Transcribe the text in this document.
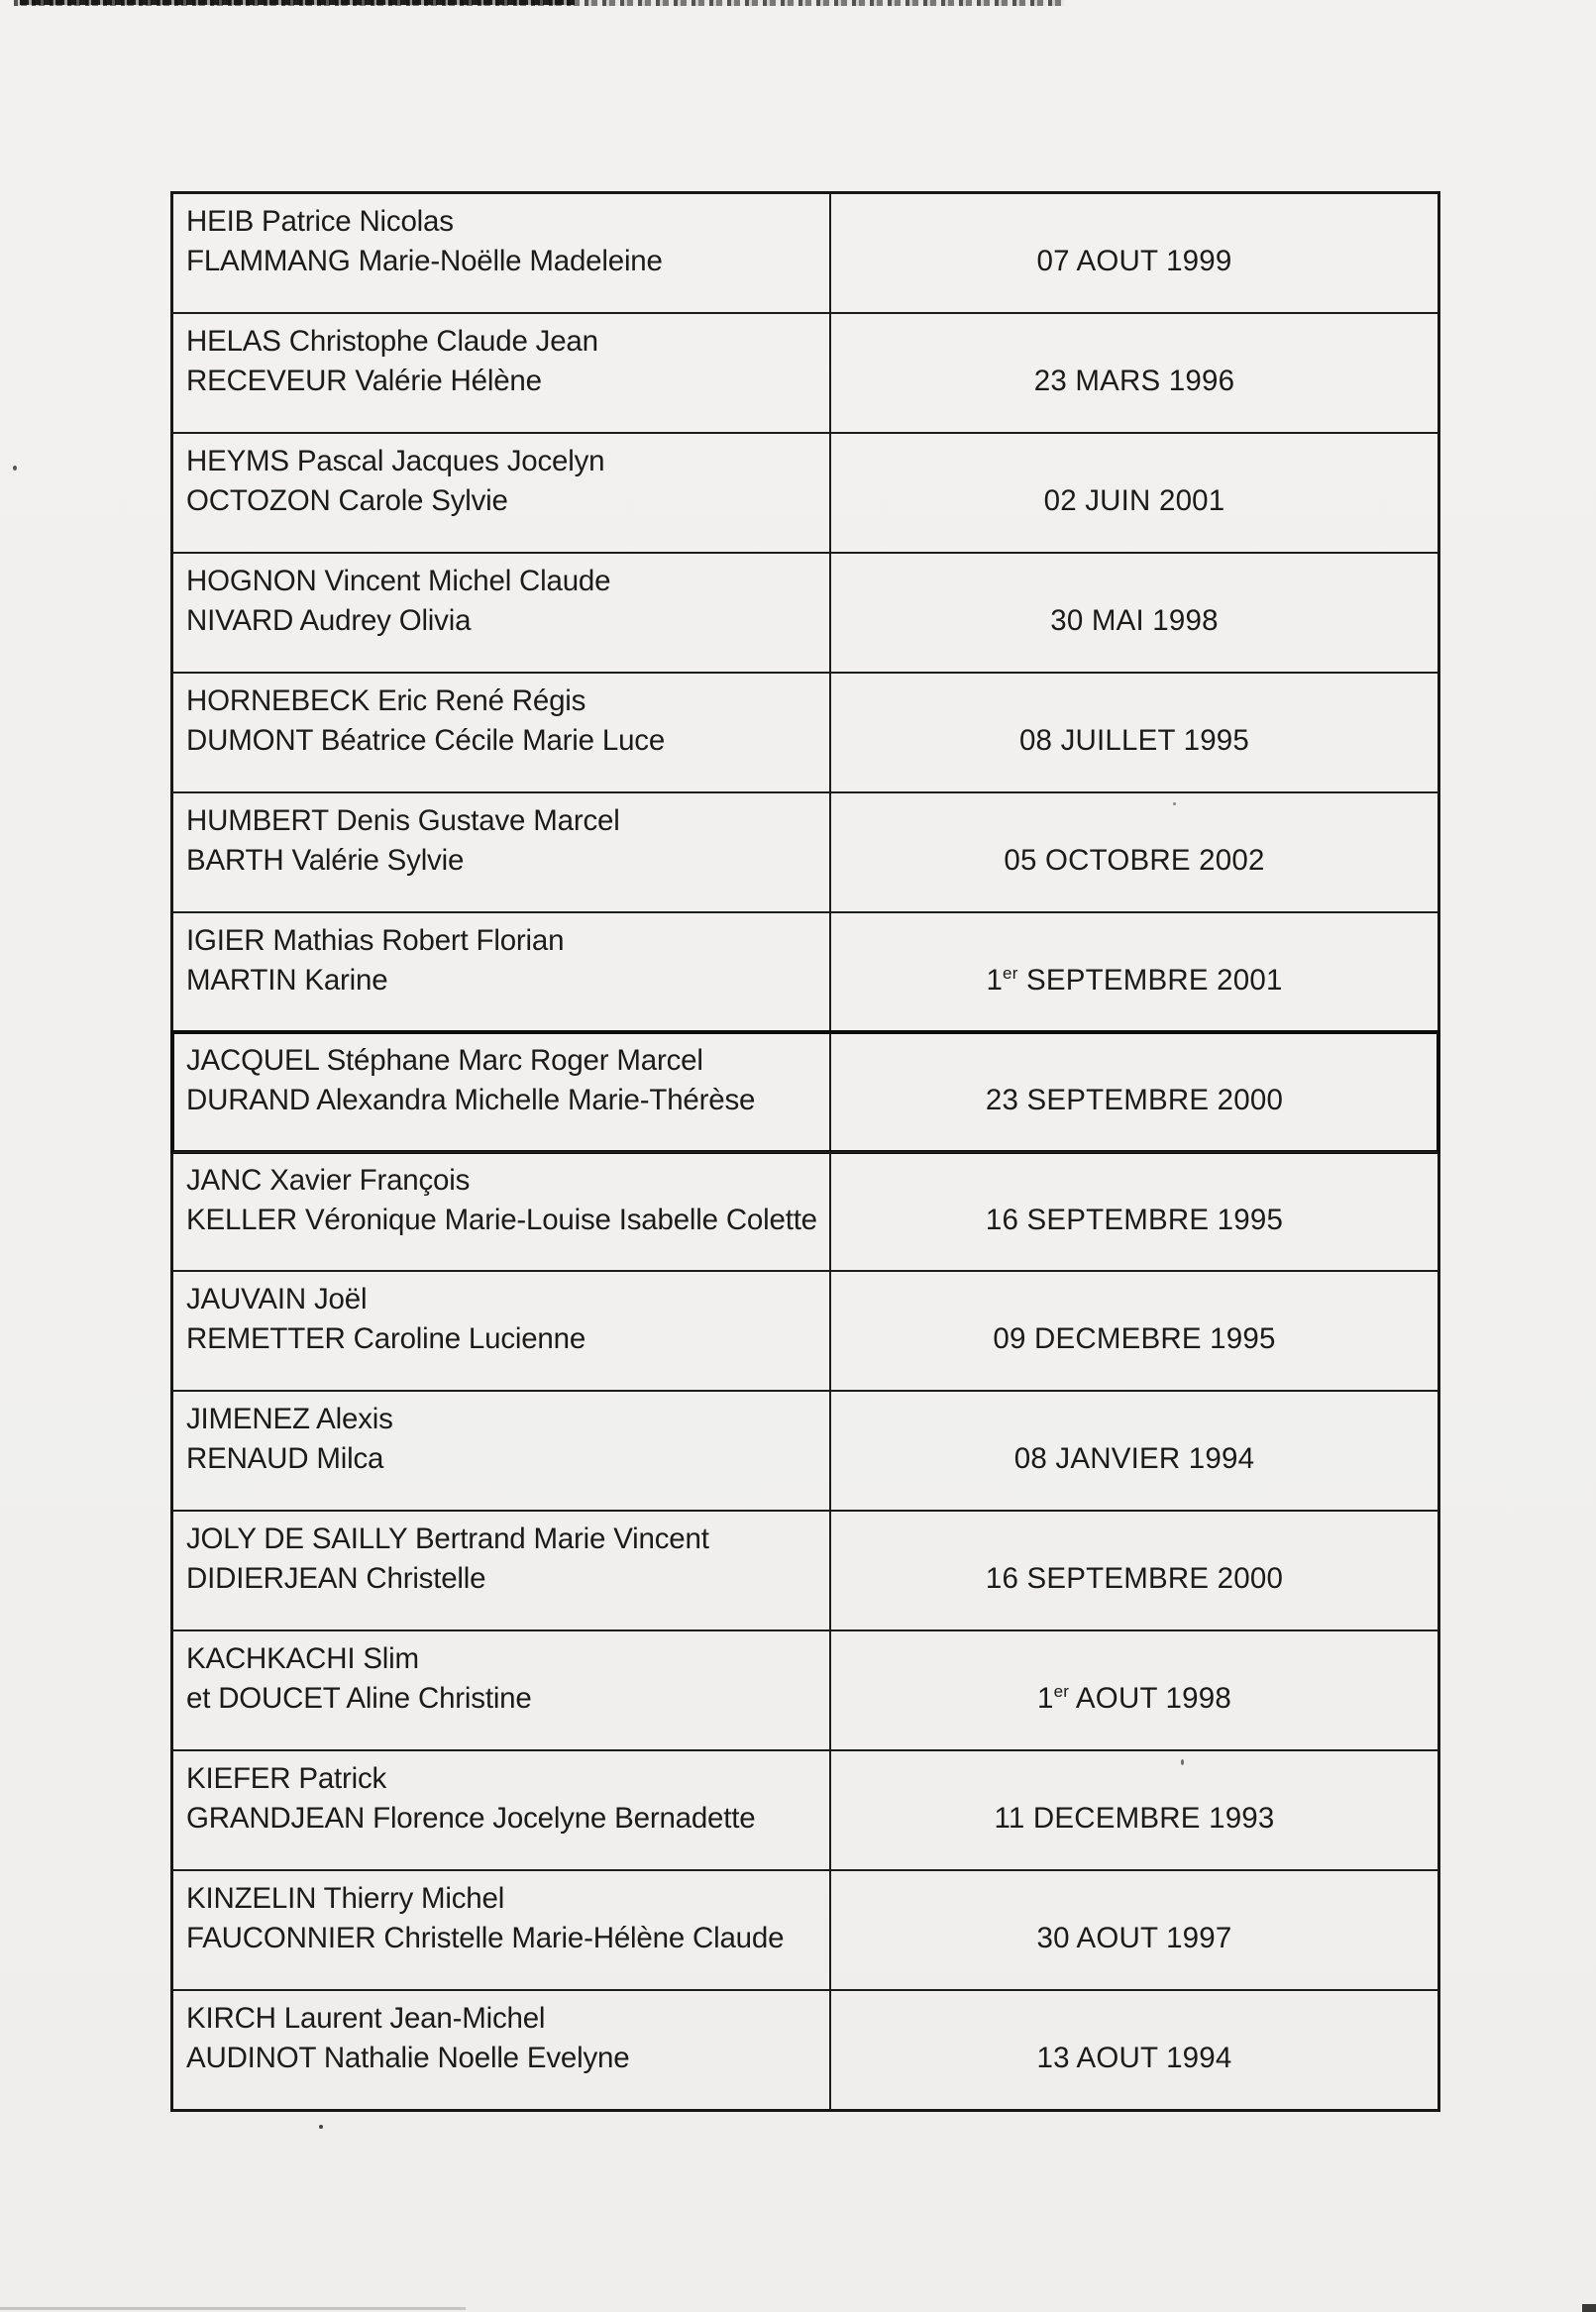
HEIB Patrice Nicolas
FLAMMANG Marie-Noëlle Madeleine	07 AOUT 1999
HELAS Christophe Claude Jean
RECEVEUR Valérie Hélène	23 MARS 1996
HEYMS Pascal Jacques Jocelyn
OCTOZON Carole Sylvie	02 JUIN 2001
HOGNON Vincent Michel Claude
NIVARD Audrey Olivia	30 MAI 1998
HORNEBECK Eric René Régis
DUMONT Béatrice Cécile Marie Luce	08 JUILLET 1995
HUMBERT Denis Gustave Marcel
BARTH Valérie Sylvie	05 OCTOBRE 2002
IGIER Mathias Robert Florian
MARTIN Karine	1er SEPTEMBRE 2001
JACQUEL Stéphane Marc Roger Marcel
DURAND Alexandra Michelle Marie-Thérèse	23 SEPTEMBRE 2000
JANC Xavier François
KELLER Véronique Marie-Louise Isabelle Colette	16 SEPTEMBRE 1995
JAUVAIN Joël
REMETTER Caroline Lucienne	09 DECMEBRE 1995
JIMENEZ Alexis
RENAUD Milca	08 JANVIER 1994
JOLY DE SAILLY Bertrand Marie Vincent
DIDIERJEAN Christelle	16 SEPTEMBRE 2000
KACHKACHI Slim
et DOUCET Aline Christine	1er AOUT 1998
KIEFER Patrick
GRANDJEAN Florence Jocelyne Bernadette	11 DECEMBRE 1993
KINZELIN Thierry Michel
FAUCONNIER Christelle Marie-Hélène Claude	30 AOUT 1997
KIRCH Laurent Jean-Michel
AUDINOT Nathalie Noelle Evelyne	13 AOUT 1994
